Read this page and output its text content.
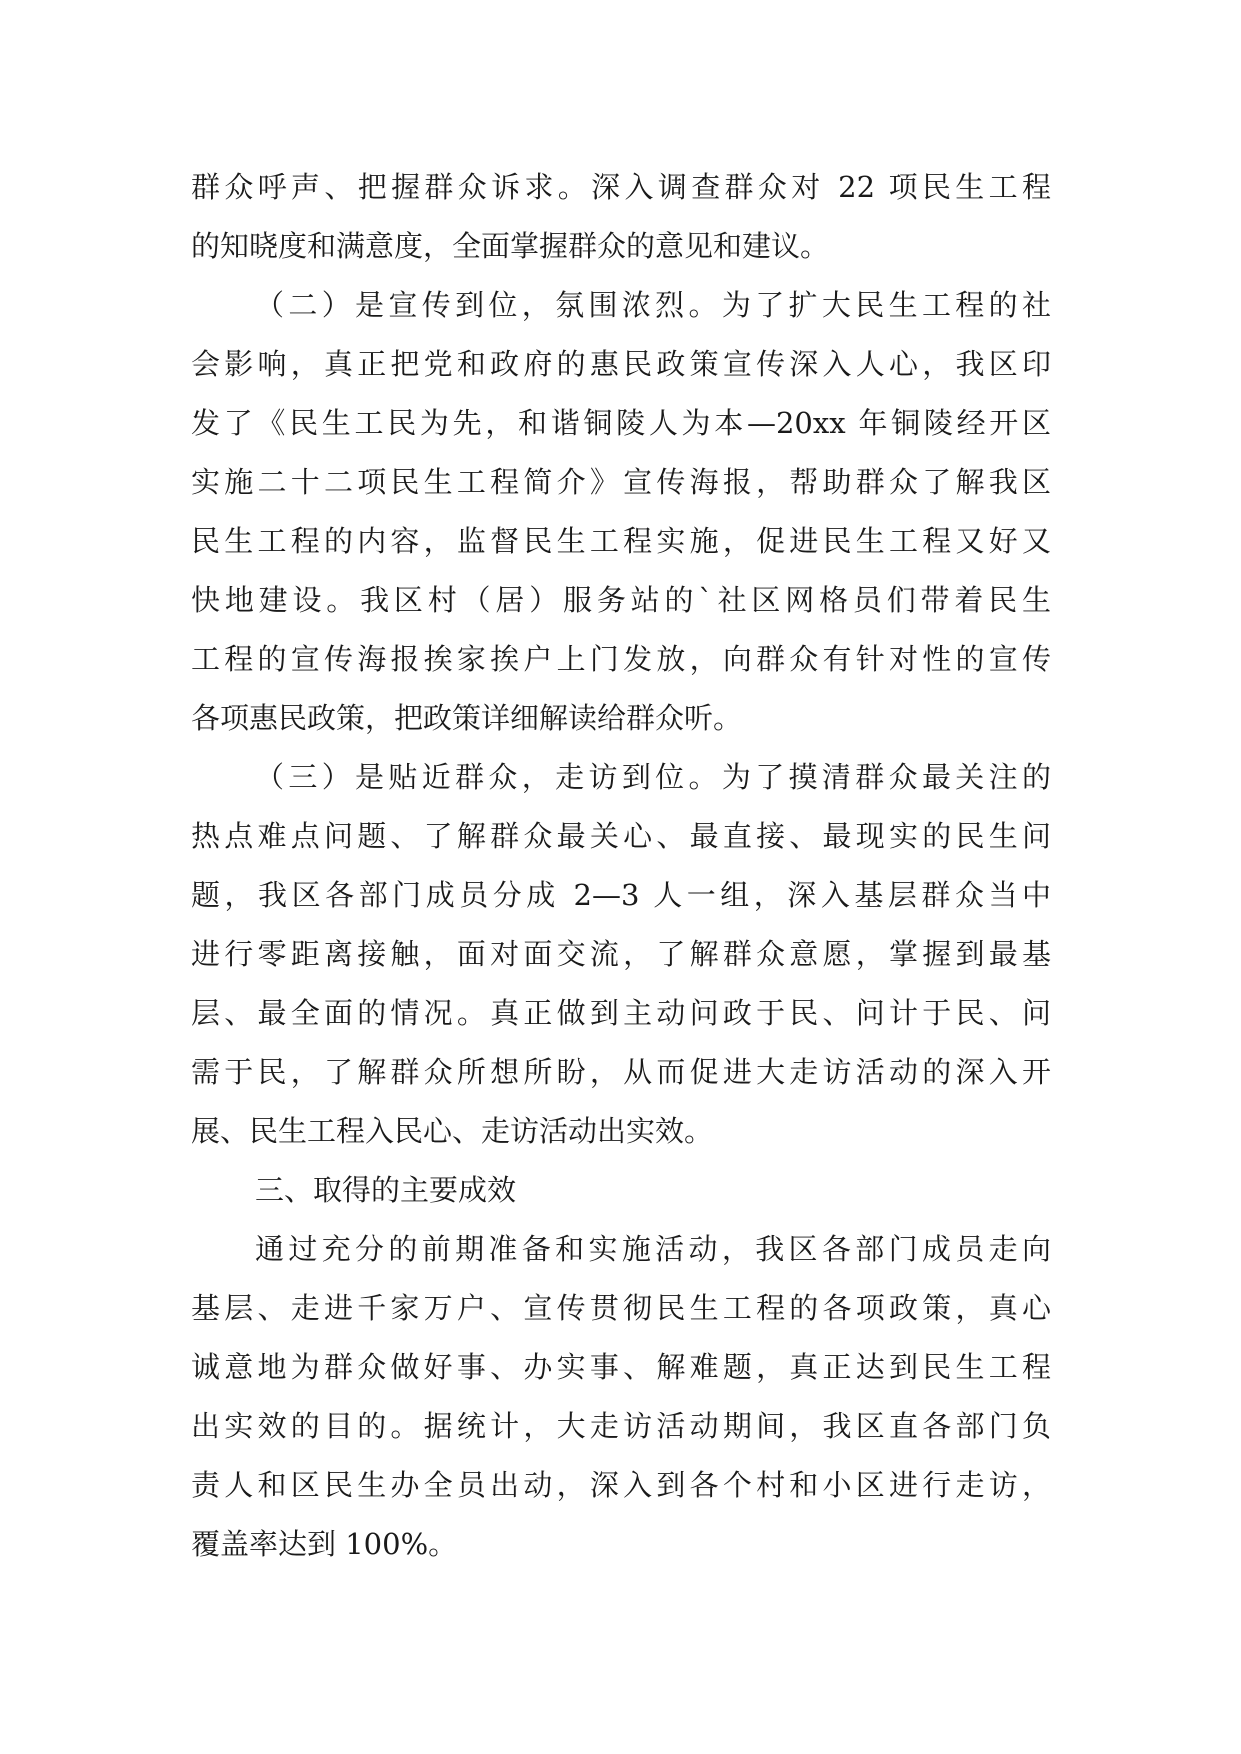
群众呼声、把握群众诉求。深入调查群众对 22 项民生工程
的知晓度和满意度，全面掌握群众的意见和建议。
（二）是宣传到位，氛围浓烈。为了扩大民生工程的社
会影响，真正把党和政府的惠民政策宣传深入人心，我区印
发了《民生工民为先，和谐铜陵人为本—20xx 年铜陵经开区
实施二十二项民生工程简介》宣传海报，帮助群众了解我区
民生工程的内容，监督民生工程实施，促进民生工程又好又
快地建设。我区村（居）服务站的`社区网格员们带着民生
工程的宣传海报挨家挨户上门发放，向群众有针对性的宣传
各项惠民政策，把政策详细解读给群众听。
（三）是贴近群众，走访到位。为了摸清群众最关注的
热点难点问题、了解群众最关心、最直接、最现实的民生问
题，我区各部门成员分成 2—3 人一组，深入基层群众当中
进行零距离接触，面对面交流，了解群众意愿，掌握到最基
层、最全面的情况。真正做到主动问政于民、问计于民、问
需于民，了解群众所想所盼，从而促进大走访活动的深入开
展、民生工程入民心、走访活动出实效。
三、取得的主要成效
通过充分的前期准备和实施活动，我区各部门成员走向
基层、走进千家万户、宣传贯彻民生工程的各项政策，真心
诚意地为群众做好事、办实事、解难题，真正达到民生工程
出实效的目的。据统计，大走访活动期间，我区直各部门负
责人和区民生办全员出动，深入到各个村和小区进行走访，
覆盖率达到 100%。
